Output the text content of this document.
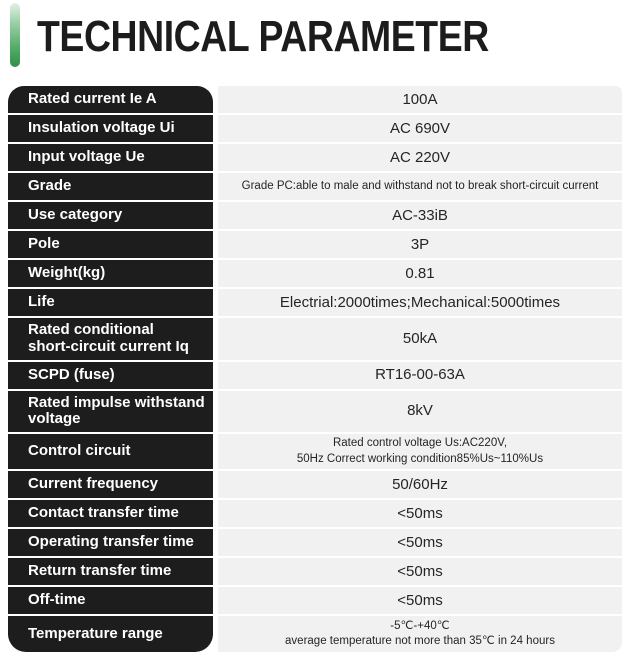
TECHNICAL PARAMETER
Rated current Ie A	100A
Insulation voltage Ui	AC 690V
Input voltage Ue	AC 220V
Grade	Grade PC:able to male and withstand not to break short-circuit current
Use category	AC-33iB
Pole	3P
Weight(kg)	0.81
Life	Electrial:2000times;Mechanical:5000times
Rated conditional
short-circuit current Iq	50kA
SCPD (fuse)	RT16-00-63A
Rated impulse withstand
voltage	8kV
Control circuit	Rated control voltage Us:AC220V,
50Hz Correct working condition85%Us~110%Us
Current frequency	50/60Hz
Contact transfer time	<50ms
Operating transfer time	<50ms
Return transfer time	<50ms
Off-time	<50ms
Temperature range	-5℃-+40℃
average temperature not more than 35℃ in 24 hours
